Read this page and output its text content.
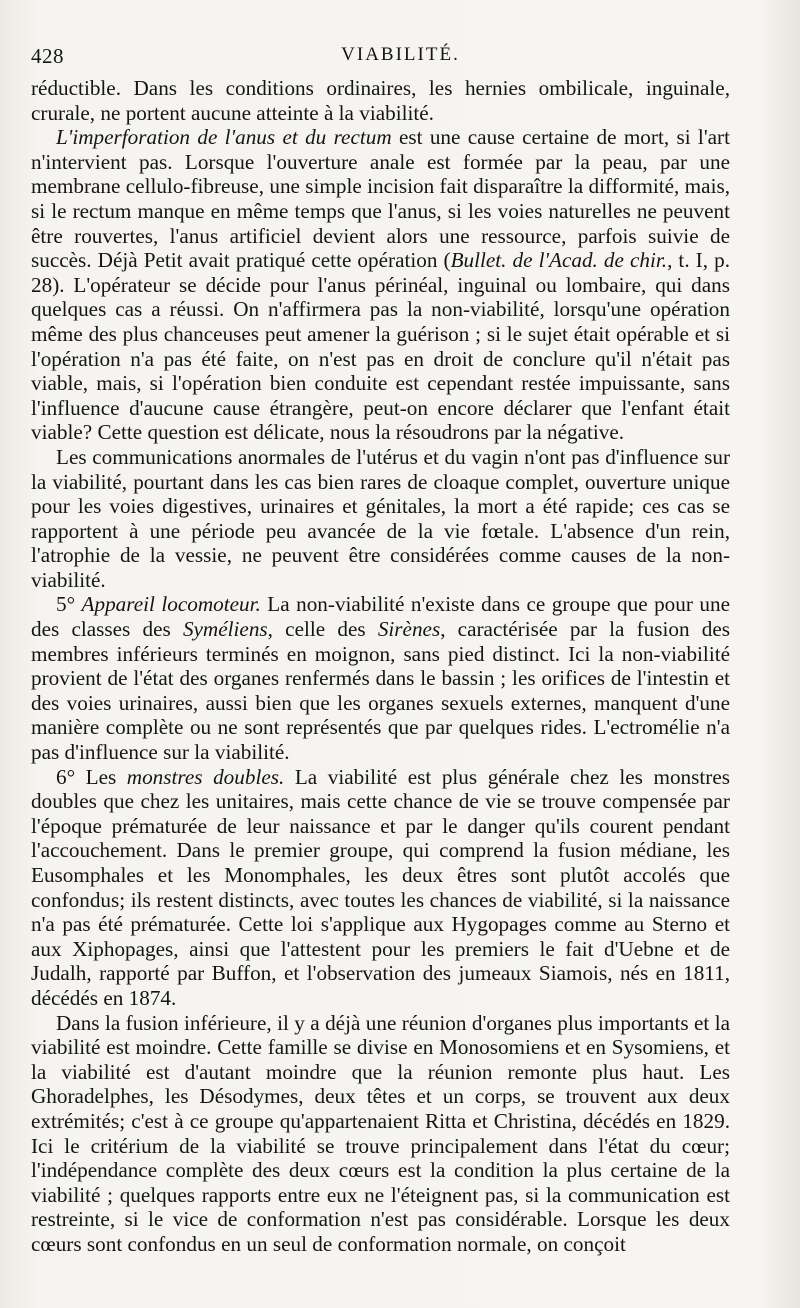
428	VIABILITÉ.

réductible. Dans les conditions ordinaires, les hernies ombilicale, inguinale, crurale, ne portent aucune atteinte à la viabilité.

L'imperforation de l'anus et du rectum est une cause certaine de mort, si l'art n'intervient pas. Lorsque l'ouverture anale est formée par la peau, par une membrane cellulo-fibreuse, une simple incision fait disparaître la difformité, mais, si le rectum manque en même temps que l'anus, si les voies naturelles ne peuvent être rouvertes, l'anus artificiel devient alors une ressource, parfois suivie de succès. Déjà Petit avait pratiqué cette opération (Bullet. de l'Acad. de chir., t. I, p. 28). L'opérateur se décide pour l'anus périnéal, inguinal ou lombaire, qui dans quelques cas a réussi. On n'affirmera pas la non-viabilité, lorsqu'une opération même des plus chanceuses peut amener la guérison ; si le sujet était opérable et si l'opération n'a pas été faite, on n'est pas en droit de conclure qu'il n'était pas viable, mais, si l'opération bien conduite est cependant restée impuissante, sans l'influence d'aucune cause étrangère, peut-on encore déclarer que l'enfant était viable? Cette question est délicate, nous la résoudrons par la négative.

Les communications anormales de l'utérus et du vagin n'ont pas d'influence sur la viabilité, pourtant dans les cas bien rares de cloaque complet, ouverture unique pour les voies digestives, urinaires et génitales, la mort a été rapide; ces cas se rapportent à une période peu avancée de la vie fœtale. L'absence d'un rein, l'atrophie de la vessie, ne peuvent être considérées comme causes de la non-viabilité.

5° Appareil locomoteur. La non-viabilité n'existe dans ce groupe que pour une des classes des Syméliens, celle des Sirènes, caractérisée par la fusion des membres inférieurs terminés en moignon, sans pied distinct. Ici la non-viabilité provient de l'état des organes renfermés dans le bassin ; les orifices de l'intestin et des voies urinaires, aussi bien que les organes sexuels externes, manquent d'une manière complète ou ne sont représentés que par quelques rides. L'ectromélie n'a pas d'influence sur la viabilité.

6° Les monstres doubles. La viabilité est plus générale chez les monstres doubles que chez les unitaires, mais cette chance de vie se trouve compensée par l'époque prématurée de leur naissance et par le danger qu'ils courent pendant l'accouchement. Dans le premier groupe, qui comprend la fusion médiane, les Eusomphales et les Monomphales, les deux êtres sont plutôt accolés que confondus; ils restent distincts, avec toutes les chances de viabilité, si la naissance n'a pas été prématurée. Cette loi s'applique aux Hygopages comme au Sterno et aux Xiphopages, ainsi que l'attestent pour les premiers le fait d'Uebne et de Judalh, rapporté par Buffon, et l'observation des jumeaux Siamois, nés en 1811, décédés en 1874.

Dans la fusion inférieure, il y a déjà une réunion d'organes plus importants et la viabilité est moindre. Cette famille se divise en Monosomiens et en Sysomiens, et la viabilité est d'autant moindre que la réunion remonte plus haut. Les Ghoradelphes, les Désodymes, deux têtes et un corps, se trouvent aux deux extrémités; c'est à ce groupe qu'appartenaient Ritta et Christina, décédés en 1829. Ici le critérium de la viabilité se trouve principalement dans l'état du cœur; l'indépendance complète des deux cœurs est la condition la plus certaine de la viabilité ; quelques rapports entre eux ne l'éteignent pas, si la communication est restreinte, si le vice de conformation n'est pas considérable. Lorsque les deux cœurs sont confondus en un seul de conformation normale, on conçoit
